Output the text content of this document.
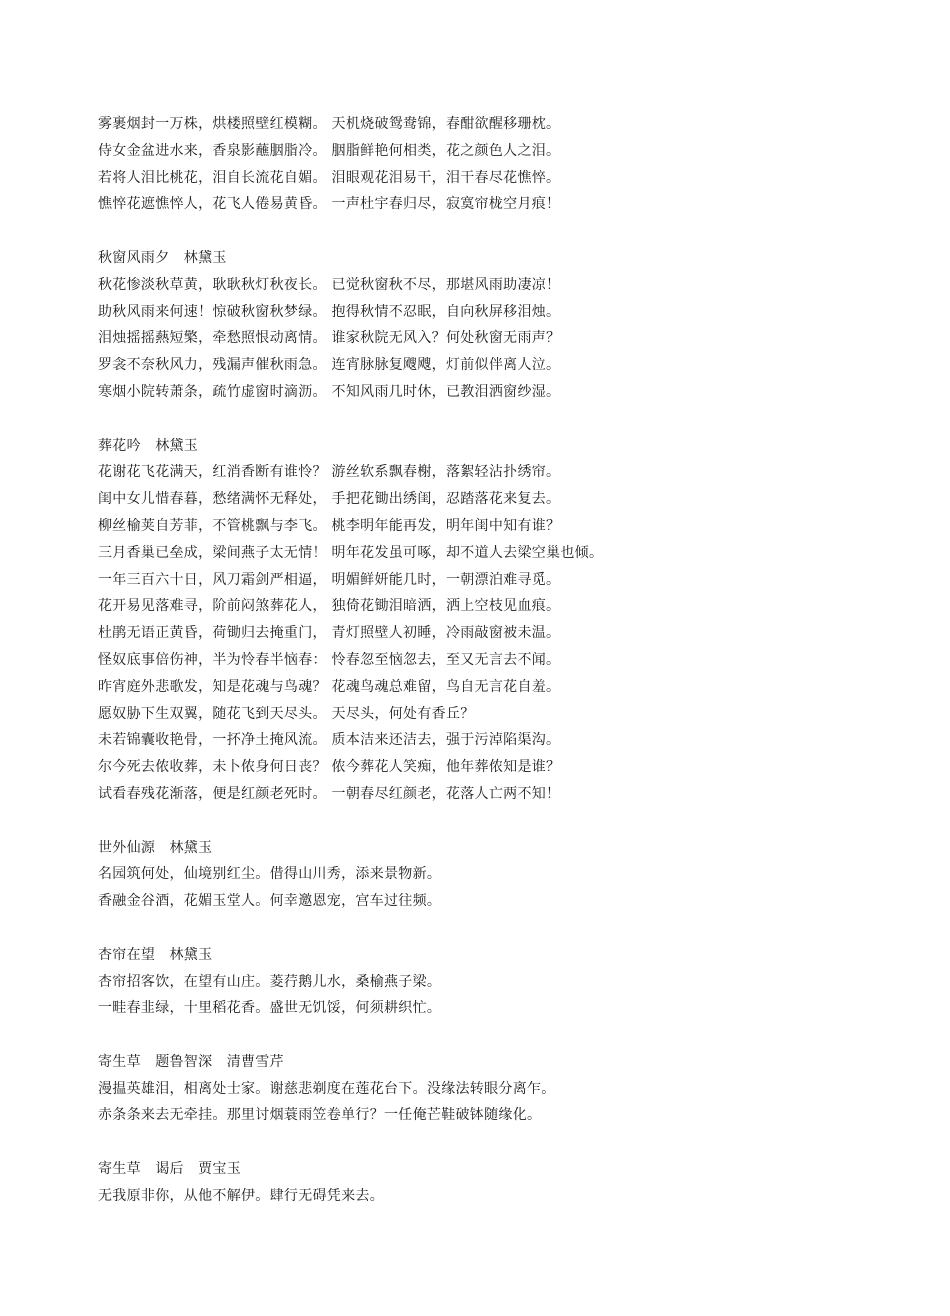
雾裹烟封一万株，烘楼照壁红模糊。 天机烧破鸳鸯锦，春酣欲醒移珊枕。
侍女金盆进水来，香泉影蘸胭脂冷。 胭脂鲜艳何相类，花之颜色人之泪。
若将人泪比桃花，泪自长流花自媚。 泪眼观花泪易干，泪干春尽花憔悴。
憔悴花遮憔悴人，花飞人倦易黄昏。 一声杜宇春归尽，寂寞帘栊空月痕！
秋窗风雨夕　林黛玉
秋花惨淡秋草黄，耿耿秋灯秋夜长。 已觉秋窗秋不尽，那堪风雨助凄凉！
助秋风雨来何速！惊破秋窗秋梦绿。 抱得秋情不忍眠，自向秋屏移泪烛。
泪烛摇摇爇短檠，牵愁照恨动离情。 谁家秋院无风入？何处秋窗无雨声？
罗衾不奈秋风力，残漏声催秋雨急。 连宵脉脉复飕飕，灯前似伴离人泣。
寒烟小院转萧条，疏竹虚窗时滴沥。 不知风雨几时休，已教泪洒窗纱湿。
葬花吟　林黛玉
花谢花飞花满天，红消香断有谁怜？ 游丝软系飘春榭，落絮轻沾扑绣帘。
闺中女儿惜春暮，愁绪满怀无释处， 手把花锄出绣闺，忍踏落花来复去。
柳丝榆荚自芳菲，不管桃飘与李飞。 桃李明年能再发，明年闺中知有谁？
三月香巢已垒成，梁间燕子太无情！ 明年花发虽可啄，却不道人去梁空巢也倾。
一年三百六十日，风刀霜剑严相逼， 明媚鲜妍能几时，一朝漂泊难寻觅。
花开易见落难寻，阶前闷煞葬花人， 独倚花锄泪暗洒，洒上空枝见血痕。
杜鹃无语正黄昏，荷锄归去掩重门， 青灯照壁人初睡，冷雨敲窗被未温。
怪奴底事倍伤神，半为怜春半恼春： 怜春忽至恼忽去，至又无言去不闻。
昨宵庭外悲歌发，知是花魂与鸟魂？ 花魂鸟魂总难留，鸟自无言花自羞。
愿奴胁下生双翼，随花飞到天尽头。 天尽头，何处有香丘？
未若锦囊收艳骨，一抔净土掩风流。 质本洁来还洁去，强于污淖陷渠沟。
尔今死去侬收葬，未卜侬身何日丧？ 侬今葬花人笑痴，他年葬侬知是谁？
试看春残花渐落，便是红颜老死时。 一朝春尽红颜老，花落人亡两不知！
世外仙源　林黛玉
名园筑何处，仙境别红尘。借得山川秀，添来景物新。
香融金谷酒，花媚玉堂人。何幸邀恩宠，宫车过往频。
杏帘在望　林黛玉
杏帘招客饮，在望有山庄。菱荇鹅儿水，桑榆燕子梁。
一畦春韭绿，十里稻花香。盛世无饥馁，何须耕织忙。
寄生草　题鲁智深　清曹雪芹
漫揾英雄泪，相离处士家。谢慈悲剃度在莲花台下。没缘法转眼分离乍。
赤条条来去无牵挂。那里讨烟蓑雨笠卷单行？一任俺芒鞋破钵随缘化。
寄生草　谒后　贾宝玉
无我原非你，从他不解伊。肆行无碍凭来去。
